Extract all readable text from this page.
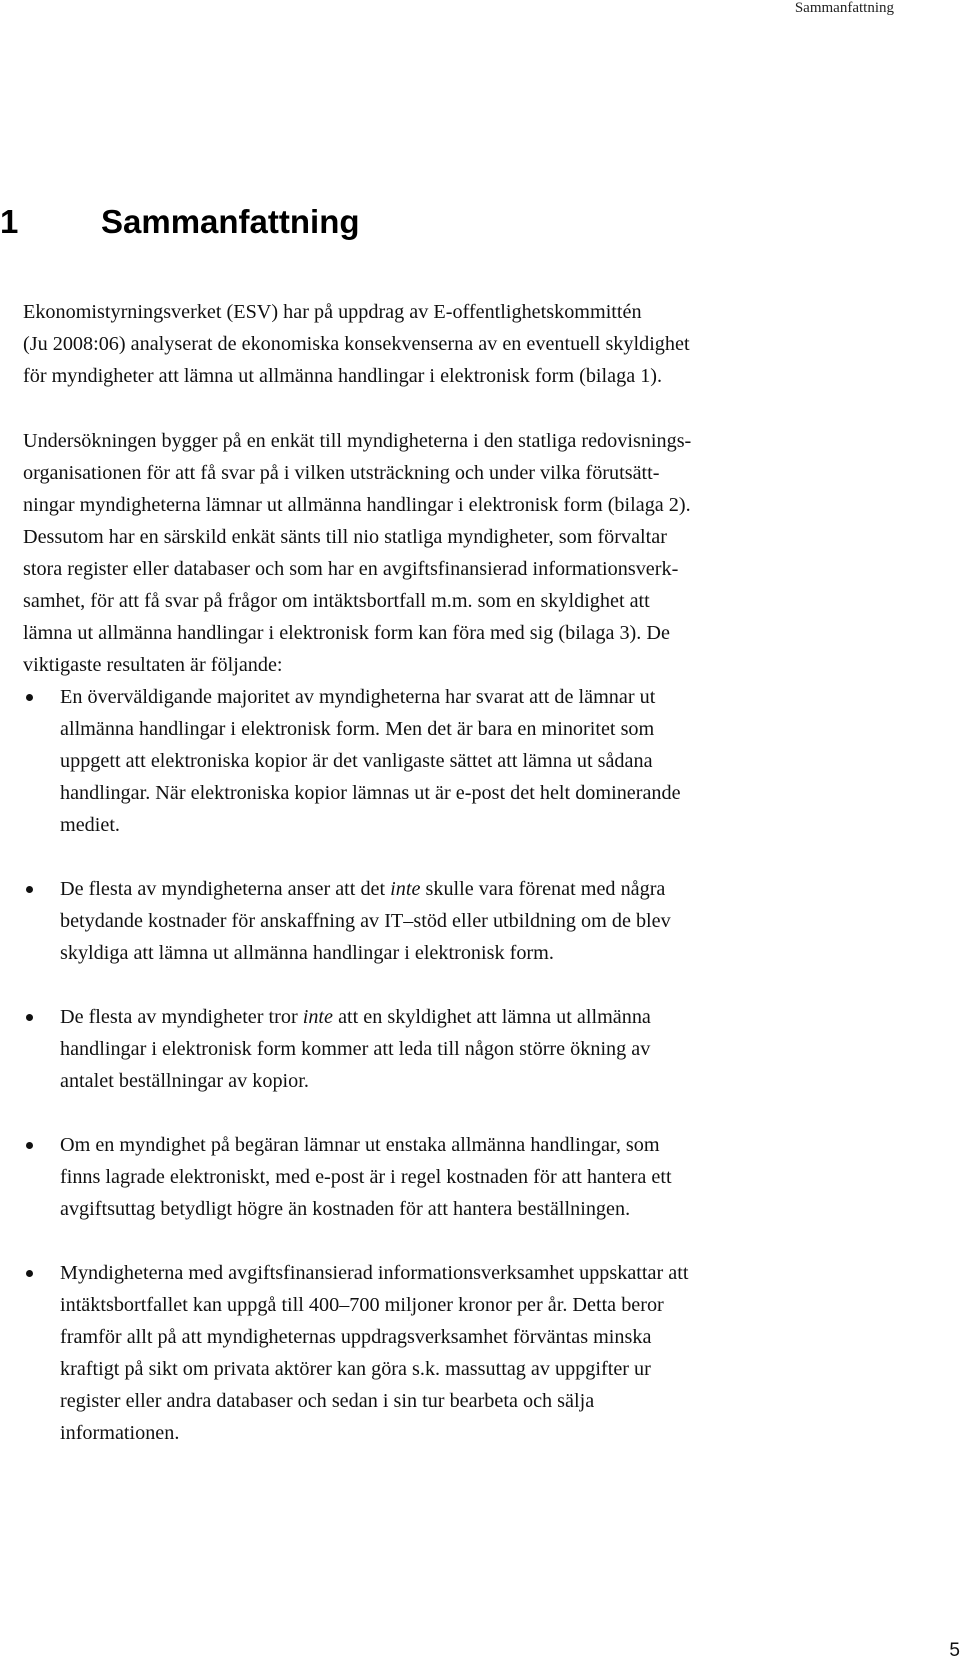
Sammanfattning
1	Sammanfattning

Ekonomistyrningsverket (ESV) har på uppdrag av E-offentlighetskommittén
(Ju 2008:06) analyserat de ekonomiska konsekvenserna av en eventuell skyldighet
för myndigheter att lämna ut allmänna handlingar i elektronisk form (bilaga 1).

Undersökningen bygger på en enkät till myndigheterna i den statliga redovisnings-
organisationen för att få svar på i vilken utsträckning och under vilka förutsätt-
ningar myndigheterna lämnar ut allmänna handlingar i elektronisk form (bilaga 2).
Dessutom har en särskild enkät sänts till nio statliga myndigheter, som förvaltar
stora register eller databaser och som har en avgiftsfinansierad informationsverk-
samhet, för att få svar på frågor om intäktsbortfall m.m. som en skyldighet att
lämna ut allmänna handlingar i elektronisk form kan föra med sig (bilaga 3). De
viktigaste resultaten är följande:

En överväldigande majoritet av myndigheterna har svarat att de lämnar ut
allmänna handlingar i elektronisk form. Men det är bara en minoritet som
uppgett att elektroniska kopior är det vanligaste sättet att lämna ut sådana
handlingar. När elektroniska kopior lämnas ut är e-post det helt dominerande
mediet.
De flesta av myndigheterna anser att det inte skulle vara förenat med några
betydande kostnader för anskaffning av IT–stöd eller utbildning om de blev
skyldiga att lämna ut allmänna handlingar i elektronisk form.
De flesta av myndigheter tror inte att en skyldighet att lämna ut allmänna
handlingar i elektronisk form kommer att leda till någon större ökning av
antalet beställningar av kopior.
Om en myndighet på begäran lämnar ut enstaka allmänna handlingar, som
finns lagrade elektroniskt, med e-post är i regel kostnaden för att hantera ett
avgiftsuttag betydligt högre än kostnaden för att hantera beställningen.
Myndigheterna med avgiftsfinansierad informationsverksamhet uppskattar att
intäktsbortfallet kan uppgå till 400–700 miljoner kronor per år. Detta beror
framför allt på att myndigheternas uppdragsverksamhet förväntas minska
kraftigt på sikt om privata aktörer kan göra s.k. massuttag av uppgifter ur
register eller andra databaser och sedan i sin tur bearbeta och sälja
informationen.
5
